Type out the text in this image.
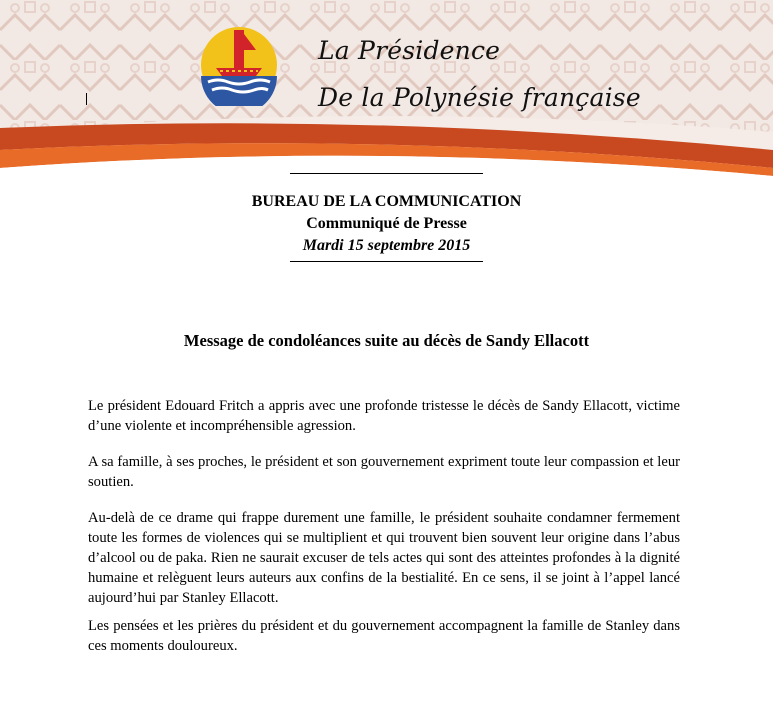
La Présidence
De la Polynésie française
BUREAU DE LA COMMUNICATION
Communiqué de Presse
Mardi 15 septembre 2015
Message de condoléances suite au décès de Sandy Ellacott
Le président Edouard Fritch a appris avec une profonde tristesse le décès de Sandy Ellacott, victime d’une violente et incompréhensible agression.
A sa famille, à ses proches, le président et son gouvernement expriment toute leur compassion et leur soutien.
Au-delà de ce drame qui frappe durement une famille, le président souhaite condamner fermement toute les formes de violences qui se multiplient et qui trouvent bien souvent leur origine dans l’abus d’alcool ou de paka. Rien ne saurait excuser de tels actes qui sont des atteintes profondes à la dignité humaine et relèguent leurs auteurs aux confins de la bestialité. En ce sens, il se joint à l’appel lancé aujourd’hui par Stanley Ellacott.
Les pensées et les prières du président et du gouvernement accompagnent la famille de Stanley dans ces moments douloureux.
